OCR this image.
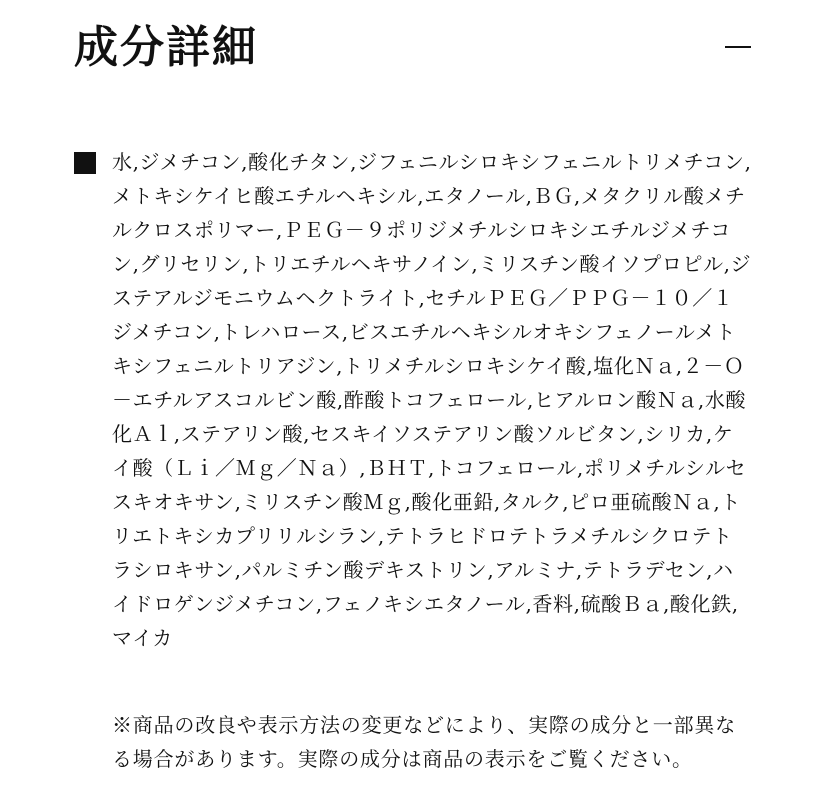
成分詳細

水,ジメチコン,酸化チタン,ジフェニルシロキシフェニルトリメチコン,メトキシケイヒ酸エチルヘキシル,エタノール,ＢＧ,メタクリル酸メチルクロスポリマー,ＰＥＧ－９ポリジメチルシロキシエチルジメチコン,グリセリン,トリエチルヘキサノイン,ミリスチン酸イソプロピル,ジステアルジモニウムヘクトライト,セチルＰＥＧ／ＰＰＧ－１０／１ジメチコン,トレハロース,ビスエチルヘキシルオキシフェノールメトキシフェニルトリアジン,トリメチルシロキシケイ酸,塩化Ｎａ,２－Ｏ－エチルアスコルビン酸,酢酸トコフェロール,ヒアルロン酸Ｎａ,水酸化Ａｌ,ステアリン酸,セスキイソステアリン酸ソルビタン,シリカ,ケイ酸（Ｌｉ／Ｍｇ／Ｎａ）,ＢＨＴ,トコフェロール,ポリメチルシルセスキオキサン,ミリスチン酸Ｍｇ,酸化亜鉛,タルク,ピロ亜硫酸Ｎａ,トリエトキシカプリリルシラン,テトラヒドロテトラメチルシクロテトラシロキサン,パルミチン酸デキストリン,アルミナ,テトラデセン,ハイドロゲンジメチコン,フェノキシエタノール,香料,硫酸Ｂａ,酸化鉄,マイカ

※商品の改良や表示方法の変更などにより、実際の成分と一部異なる場合があります。実際の成分は商品の表示をご覧ください。
